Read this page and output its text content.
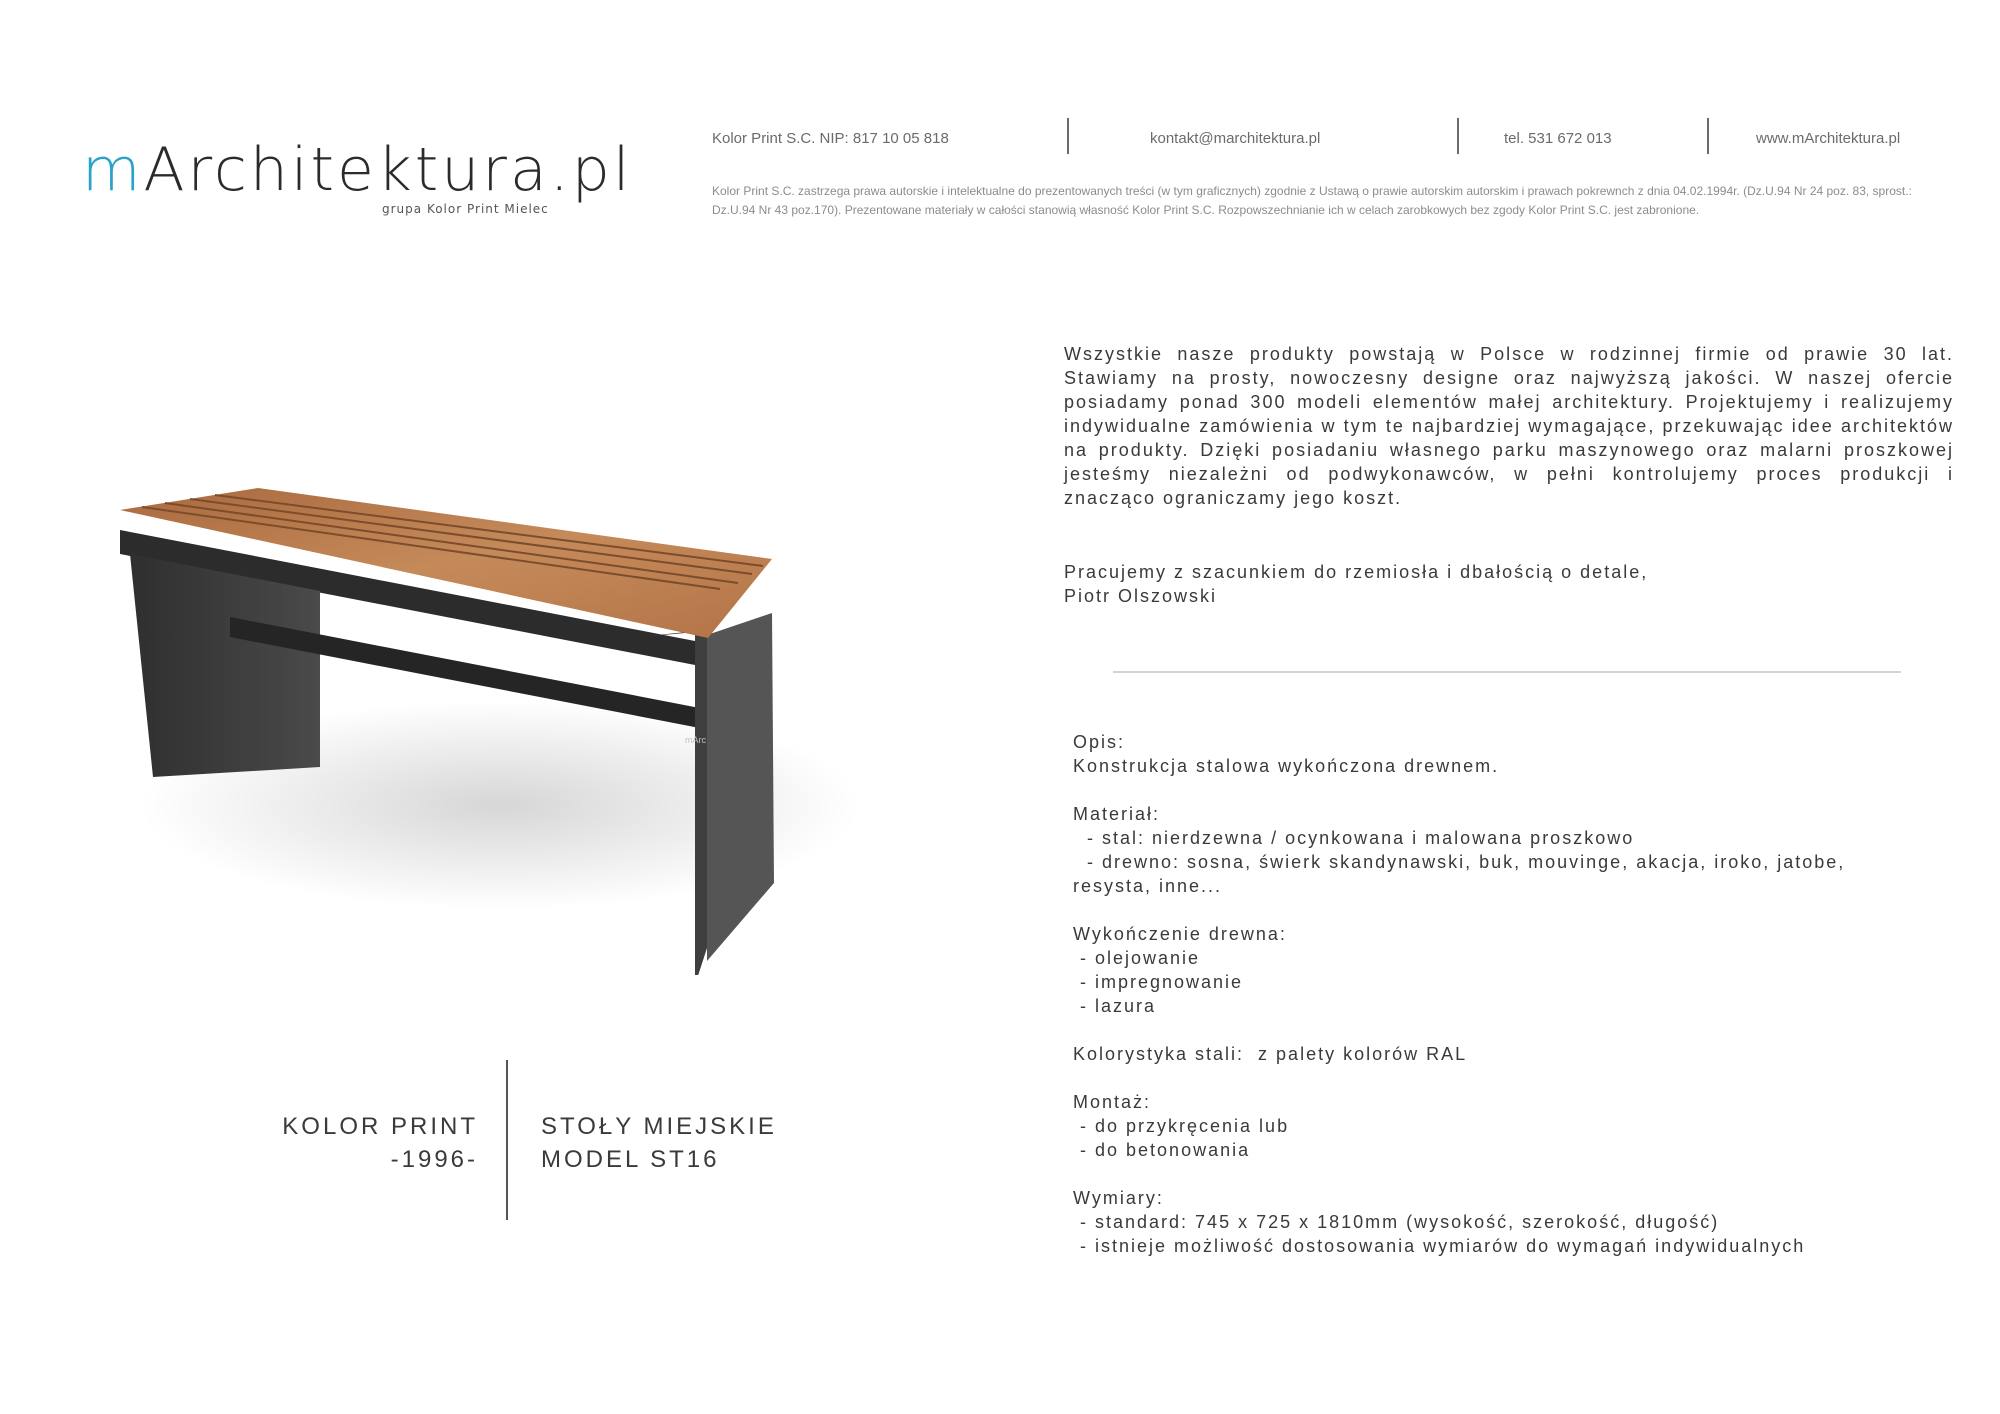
mArchitektura.pl
grupa Kolor Print Mielec
Kolor Print S.C. NIP: 817 10 05 818	kontakt@marchitektura.pl	tel. 531 672 013	www.mArchitektura.pl
Kolor Print S.C. zastrzega prawa autorskie i intelektualne do prezentowanych treści (w tym graficznych) zgodnie z Ustawą o prawie autorskim autorskim i prawach pokrewnch z dnia 04.02.1994r. (Dz.U.94 Nr 24 poz. 83, sprost.: Dz.U.94 Nr 43 poz.170). Prezentowane materiały w całości stanowią własność Kolor Print S.C. Rozpowszechnianie ich w celach zarobkowych bez zgody Kolor Print S.C. jest zabronione.
mArc

Wszystkie nasze produkty powstają w Polsce w rodzinnej firmie od prawie 30 lat. Stawiamy na prosty, nowoczesny designe oraz najwyższą jakości. W naszej ofercie posiadamy ponad 300 modeli elementów małej architektury. Projektujemy i realizujemy indywidualne zamówienia w tym te najbardziej wymagające, przekuwając idee architektów na produkty. Dzięki posiadaniu własnego parku maszynowego oraz malarni proszkowej jesteśmy niezależni od podwykonawców, w pełni kontrolujemy proces produkcji i znacząco ograniczamy jego koszt.

Pracujemy z szacunkiem do rzemiosła i dbałością o detale,
Piotr Olszowski
Opis:
Konstrukcja stalowa wykończona drewnem.
Materiał:
- stal: nierdzewna / ocynkowana i malowana proszkowo
- drewno: sosna, świerk skandynawski, buk, mouvinge, akacja, iroko, jatobe,
resysta, inne...
Wykończenie drewna:
- olejowanie
- impregnowanie
- lazura
Kolorystyka stali:  z palety kolorów RAL
Montaż:
- do przykręcenia lub
- do betonowania
Wymiary:
- standard: 745 x 725 x 1810mm (wysokość, szerokość, długość)
- istnieje możliwość dostosowania wymiarów do wymagań indywidualnych
KOLOR PRINT
-1996-
STOŁY MIEJSKIE
MODEL ST16
